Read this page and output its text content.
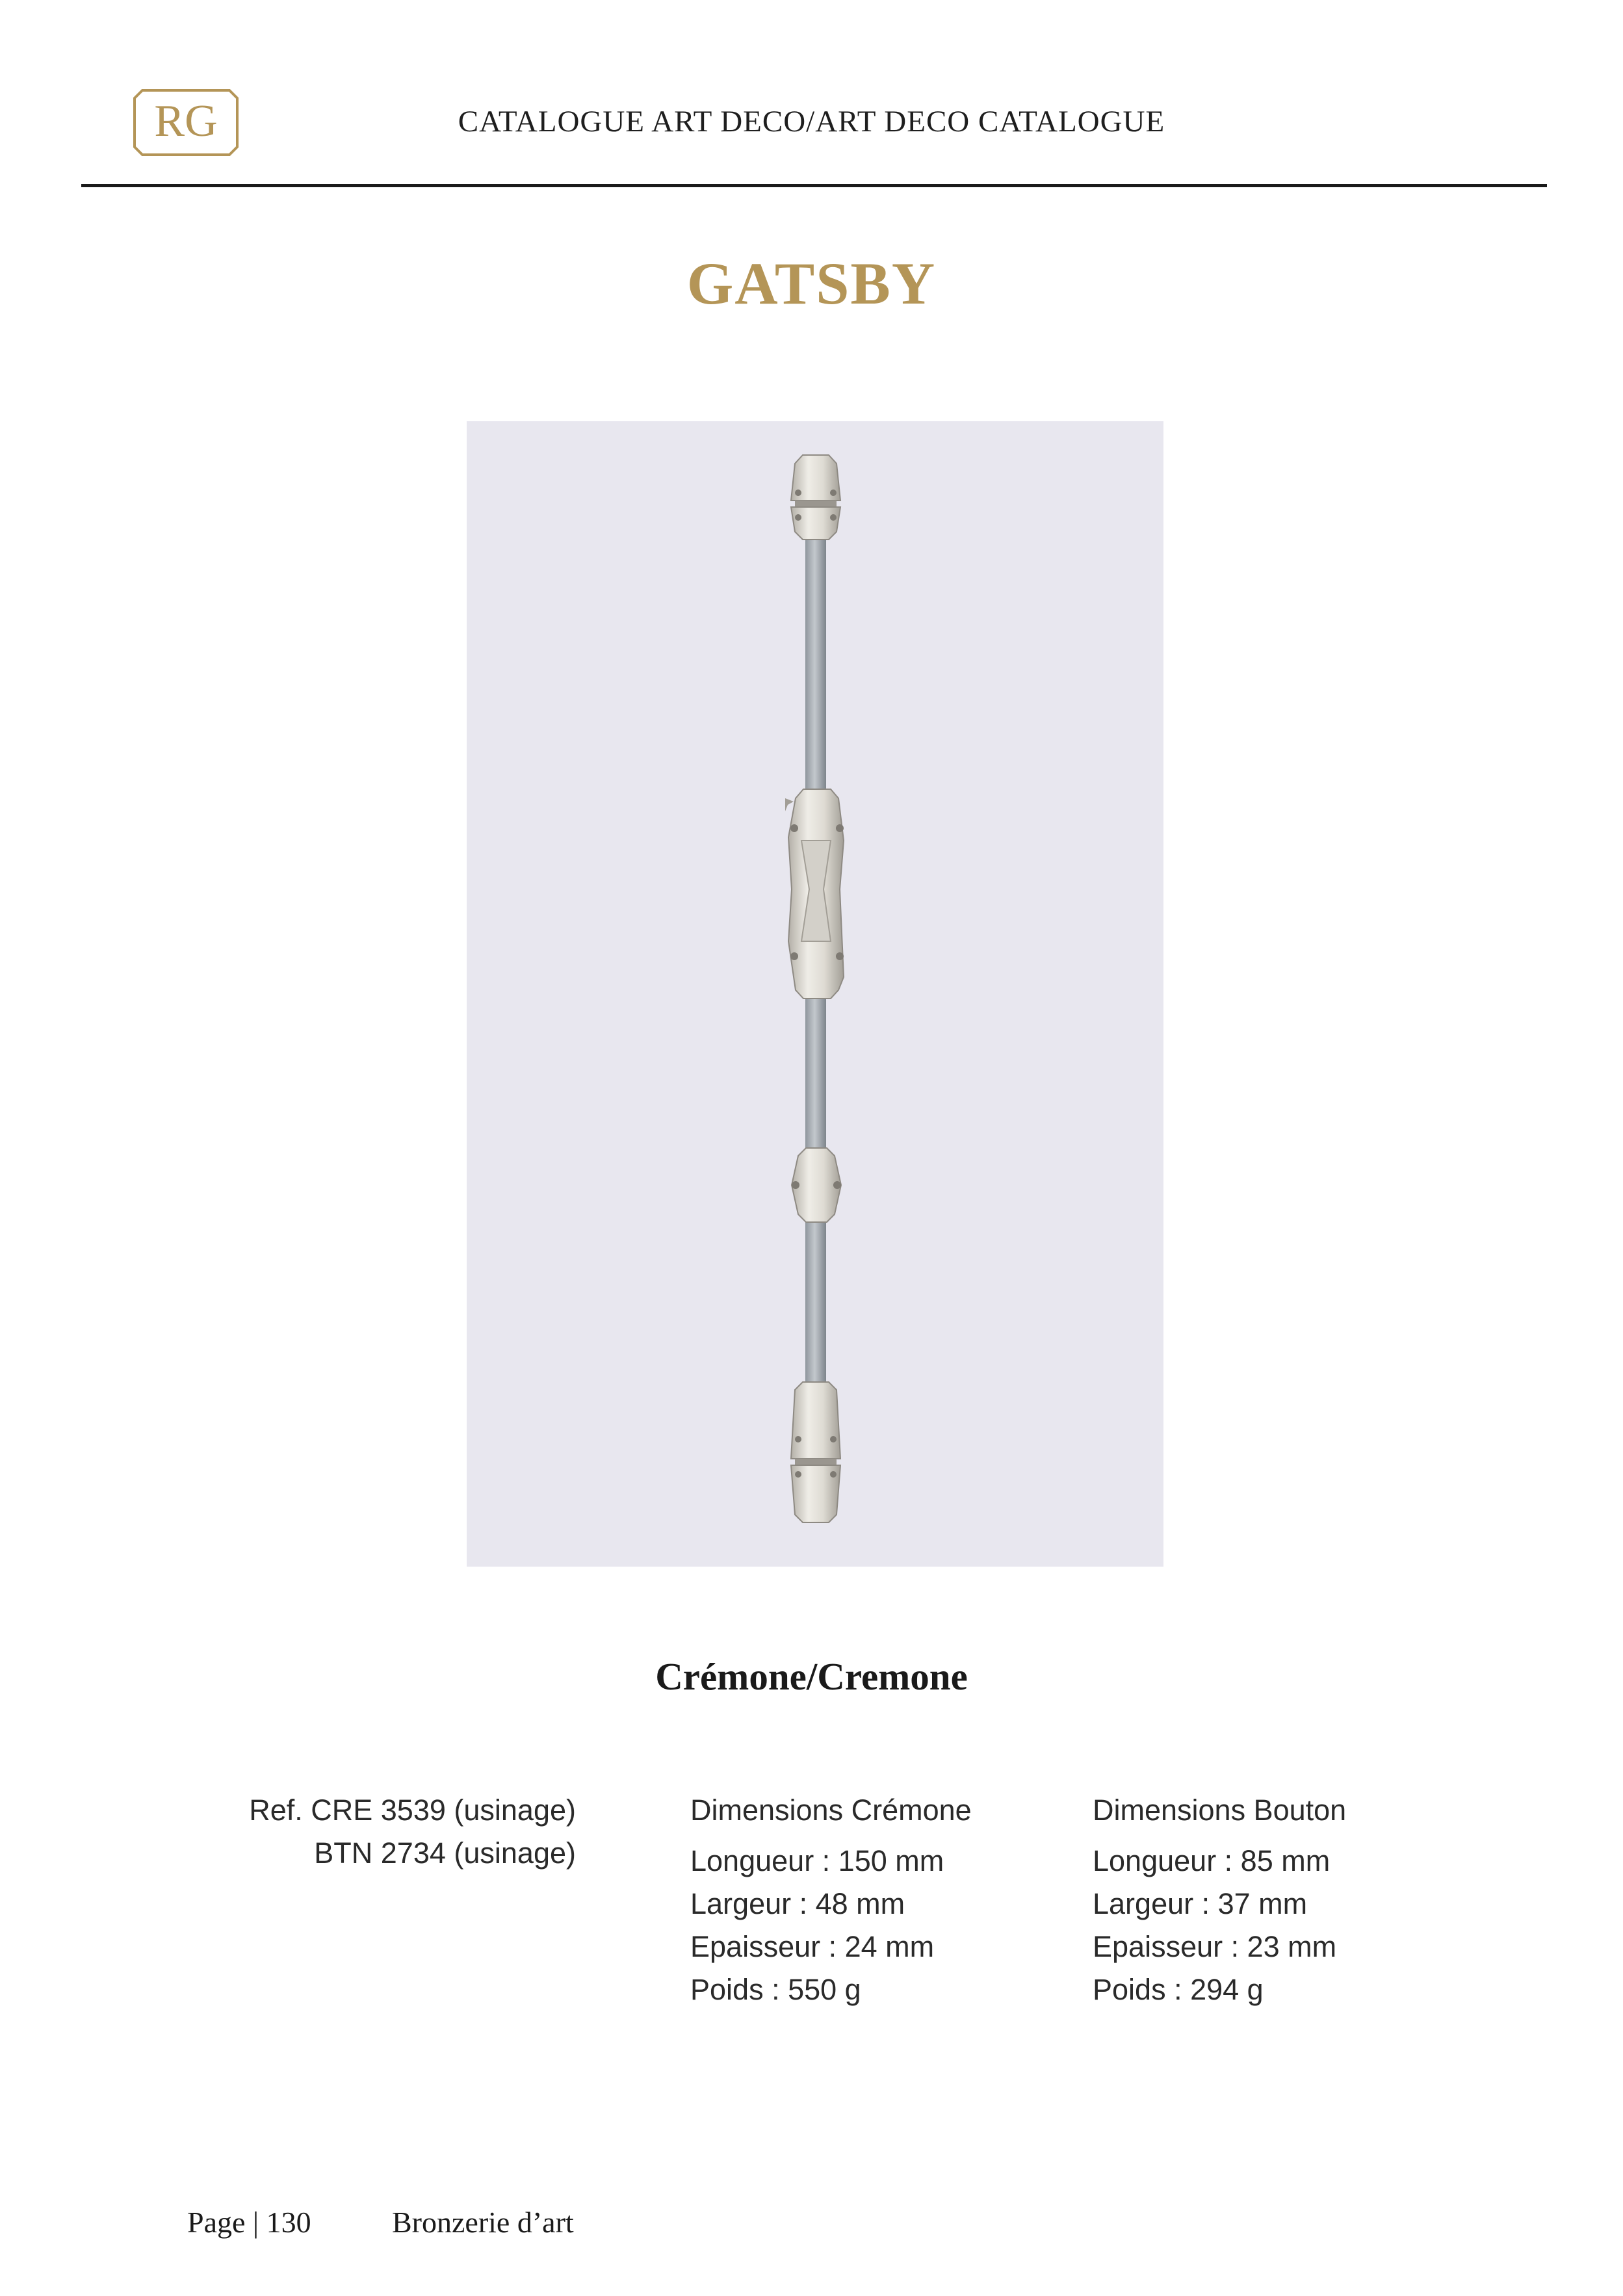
RG	CATALOGUE ART DECO/ART DECO CATALOGUE
GATSBY
Crémone/Cremone
Ref. CRE 3539 (usinage)
BTN 2734 (usinage)
Dimensions Crémone
Longueur : 150 mm
Largeur : 48 mm
Epaisseur : 24 mm
Poids : 550 g
Dimensions Bouton
Longueur : 85 mm
Largeur : 37 mm
Epaisseur : 23 mm
Poids : 294 g
Page | 130	Bronzerie d’art
